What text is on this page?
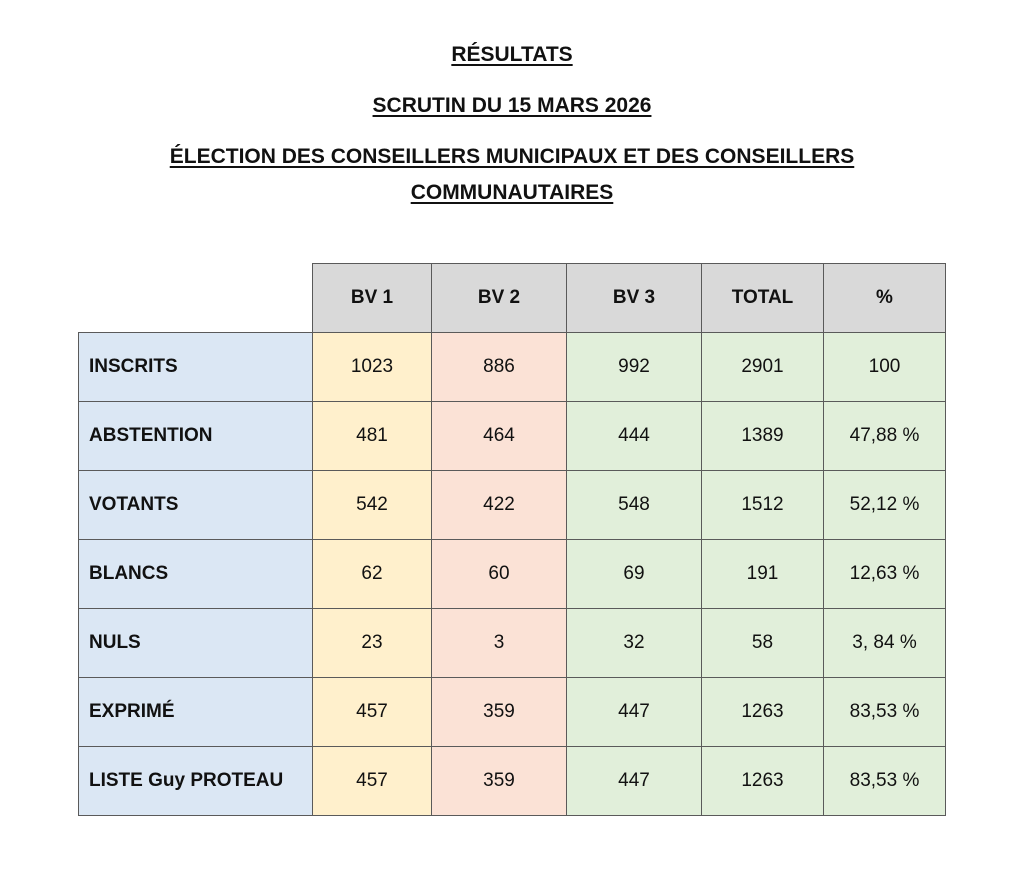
RÉSULTATS
SCRUTIN DU 15 MARS 2026
ÉLECTION DES CONSEILLERS MUNICIPAUX ET DES CONSEILLERS
COMMUNAUTAIRES
	BV 1	BV 2	BV 3	TOTAL	%
INSCRITS	1023	886	992	2901	100
ABSTENTION	481	464	444	1389	47,88 %
VOTANTS	542	422	548	1512	52,12 %
BLANCS	62	60	69	191	12,63 %
NULS	23	3	32	58	3, 84 %
EXPRIMÉ	457	359	447	1263	83,53 %
LISTE Guy PROTEAU	457	359	447	1263	83,53 %
